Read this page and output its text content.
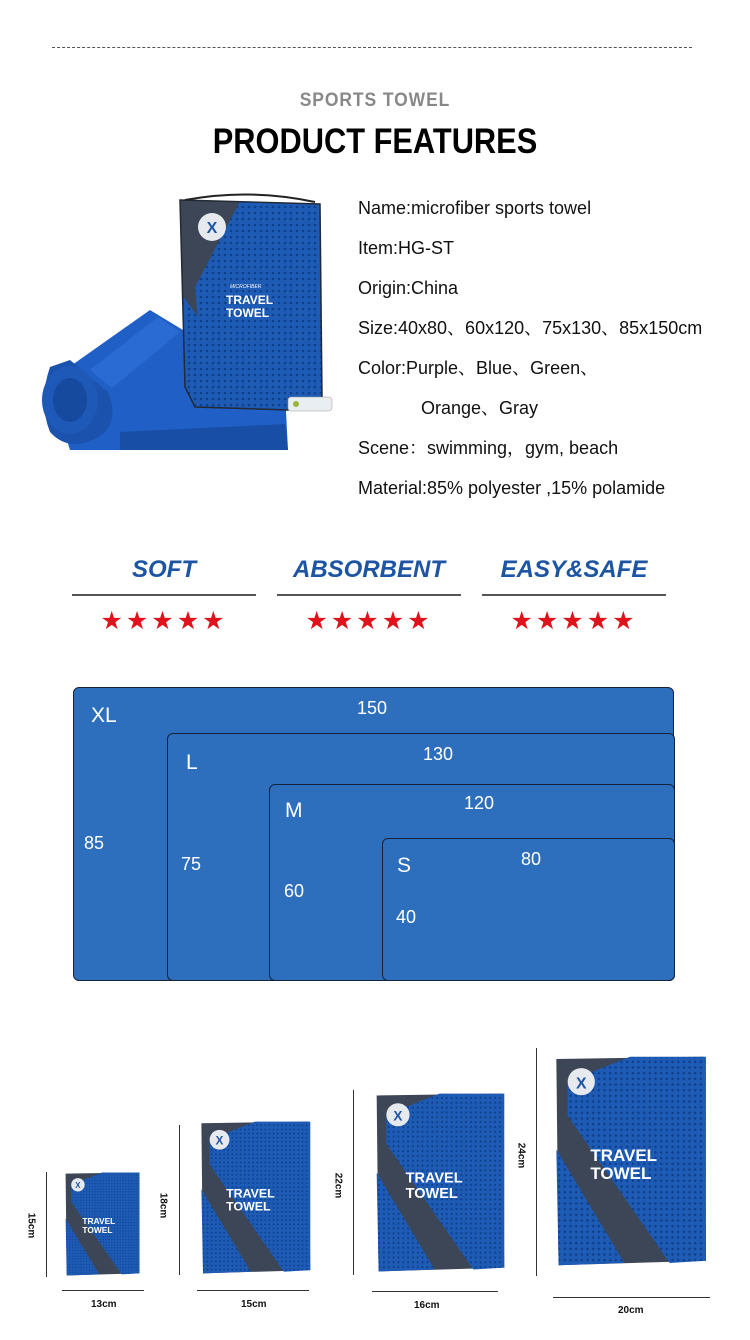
SPORTS TOWEL
PRODUCT FEATURES
X
MICROFIBER
TRAVEL
TOWEL
Name:microfiber sports towel
Item:HG-ST
Origin:China
Size:40x80、60x120、75x130、85x150cm
Color:Purple、Blue、Green、
Orange、Gray
Scene：swimming，gym, beach
Material:85% polyester ,15% polamide
SOFT
★★★★★
ABSORBENT
★★★★★
EASY&SAFE
★★★★★
XL	150
85
L	130
75
M	120
60
S	80
40
X
TRAVEL
TOWEL
15cm
13cm
X
TRAVEL
TOWEL
18cm
15cm
X
TRAVEL
TOWEL
22cm
16cm
X
TRAVEL
TOWEL
24cm
20cm
